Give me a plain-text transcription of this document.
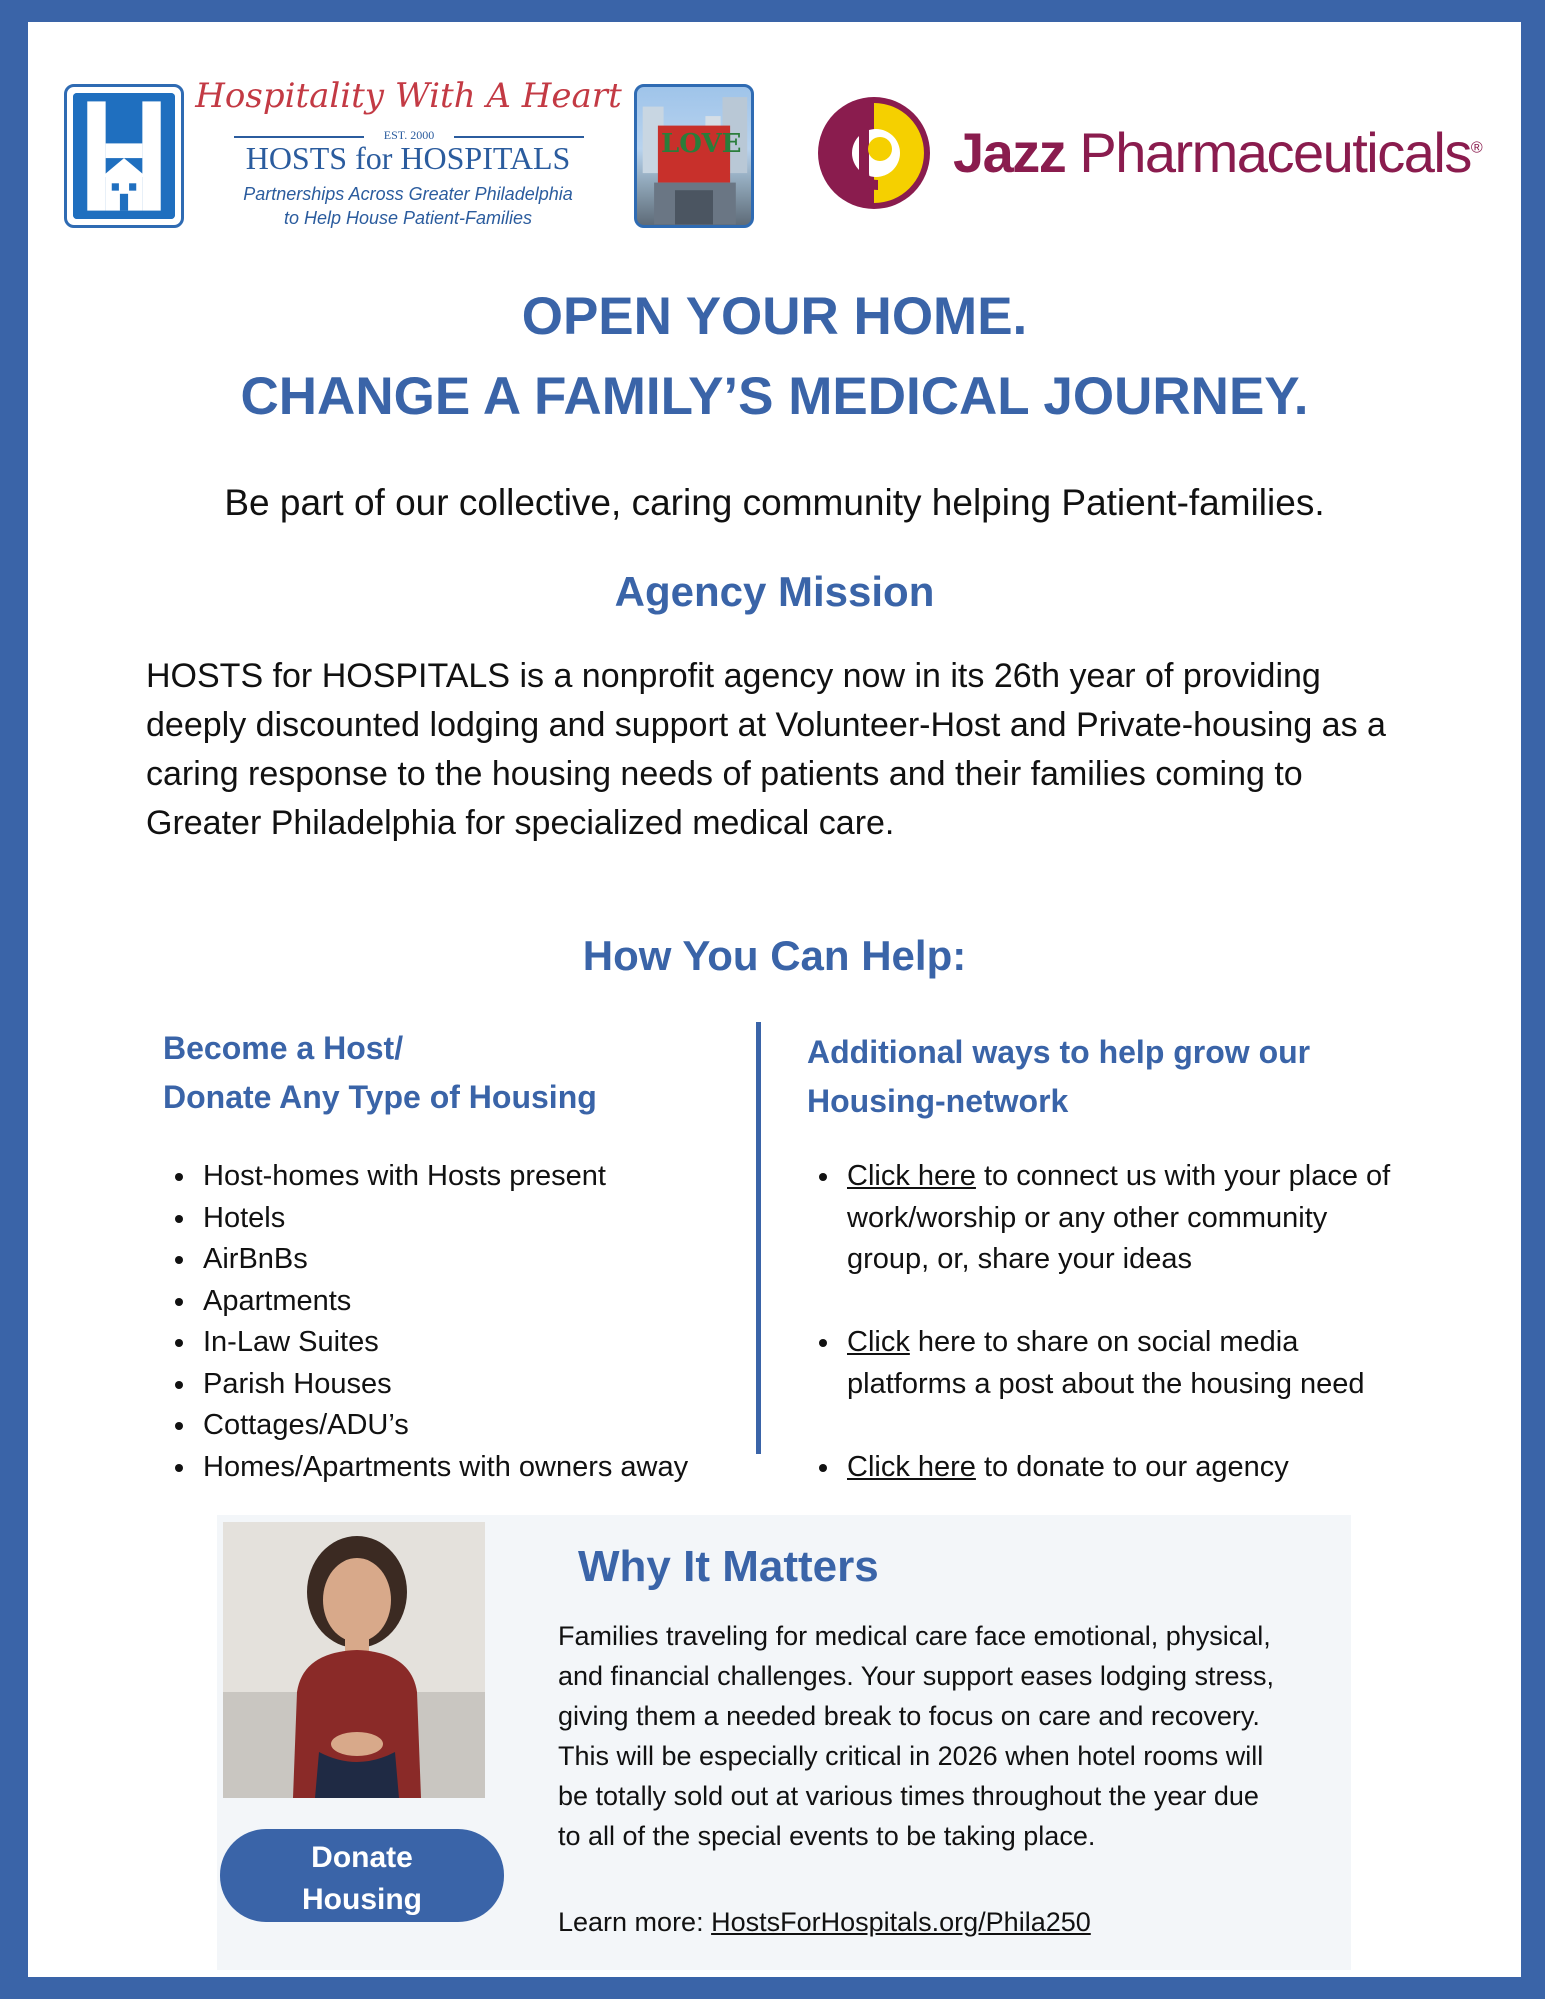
Hospitality With A Heart
EST. 2000
HOSTS for HOSPITALS
Partnerships Across Greater Philadelphia
to Help House Patient-Families
LOVE	Jazz Pharmaceuticals®
OPEN YOUR HOME.
CHANGE A FAMILY’S MEDICAL JOURNEY.
Be part of our collective, caring community helping Patient-families.
Agency Mission
HOSTS for HOSPITALS is a nonprofit agency now in its 26th year of providing deeply discounted lodging and support at Volunteer-Host and Private-housing as a caring response to the housing needs of patients and their families coming to Greater Philadelphia for specialized medical care.
How You Can Help:
Become a Host/
Donate Any Type of Housing
Host-homes with Hosts present
Hotels
AirBnBs
Apartments
In-Law Suites
Parish Houses
Cottages/ADU’s
Homes/Apartments with owners away
Additional ways to help grow our
Housing-network
Click here to connect us with your place of
work/worship or any other community
group, or, share your ideas
Click here to share on social media
platforms a post about the housing need
Click here to donate to our agency
Donate
Housing
Why It Matters
Families traveling for medical care face emotional, physical,
and financial challenges. Your support eases lodging stress,
giving them a needed break to focus on care and recovery.
This will be especially critical in 2026 when hotel rooms will
be totally sold out at various times throughout the year due
to all of the special events to be taking place.
Learn more: HostsForHospitals.org/Phila250
